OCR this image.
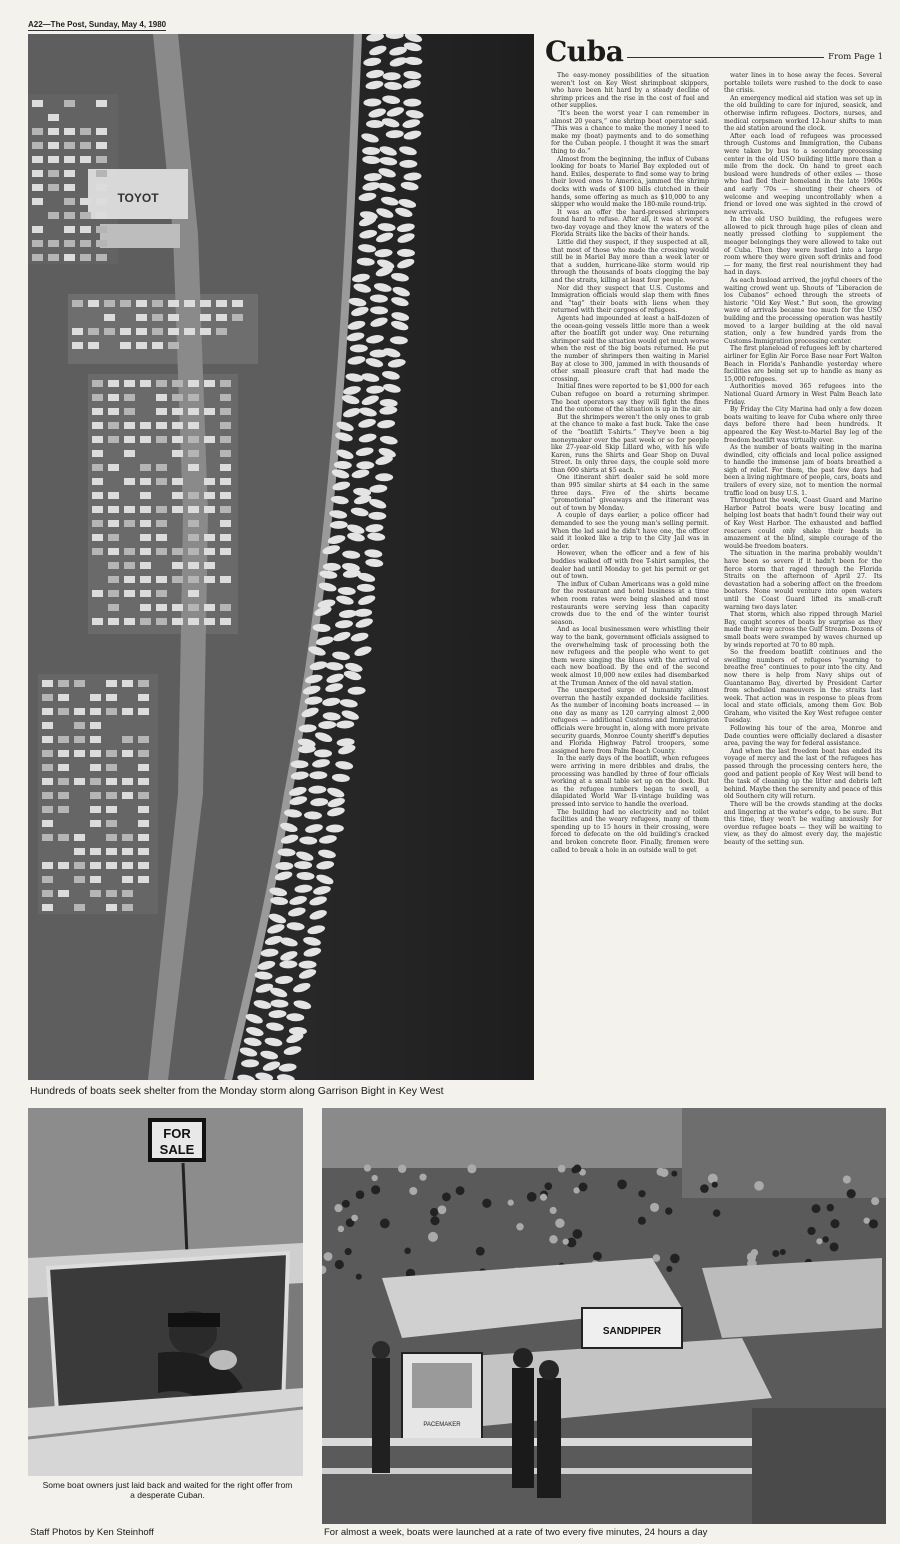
A22—The Post, Sunday, May 4, 1980
TOYOT
Hundreds of boats seek shelter from the Monday storm along Garrison Bight in Key West
Cuba	From Page 1

The easy-money possibilities of the situation weren't lost on Key West shrimpboat skippers, who have been hit hard by a steady decline of shrimp prices and the rise in the cost of fuel and other supplies.

“It's been the worst year I can remember in almost 20 years,” one shrimp boat operator said. “This was a chance to make the money I need to make my (boat) payments and to do something for the Cuban people. I thought it was the smart thing to do.”

Almost from the beginning, the influx of Cubans looking for boats to Mariel Bay exploded out of hand. Exiles, desperate to find some way to bring their loved ones to America, jammed the shrimp docks with wads of $100 bills clutched in their hands, some offering as much as $10,000 to any skipper who would make the 180-mile round-trip.

It was an offer the hard-pressed shrimpers found hard to refuse. After all, it was at worst a two-day voyage and they know the waters of the Florida Straits like the backs of their hands.

Little did they suspect, if they suspected at all, that most of those who made the crossing would still be in Mariel Bay more than a week later or that a sudden, hurricane-like storm would rip through the thousands of boats clogging the bay and the straits, killing at least four people.

Nor did they suspect that U.S. Customs and Immigration officials would slap them with fines and “tag” their boats with liens when they returned with their cargoes of refugees.

Agents had impounded at least a half-dozen of the ocean-going vessels little more than a week after the boatlift got under way. One returning shrimper said the situation would get much worse when the rest of the big boats returned. He put the number of shrimpers then waiting in Mariel Bay at close to 300, jammed in with thousands of other small pleasure craft that had made the crossing.

Initial fines were reported to be $1,000 for each Cuban refugee on board a returning shrimper. The boat operators say they will fight the fines and the outcome of the situation is up in the air.

But the shrimpers weren't the only ones to grab at the chance to make a fast buck. Take the case of the “boatlift T-shirts.” They've been a big moneymaker over the past week or so for people like 27-year-old Skip Lillard who, with his wife Karen, runs the Shirts and Gear Shop on Duval Street. In only three days, the couple sold more than 600 shirts at $5 each.

One itinerant shirt dealer said he sold more than 995 similar shirts at $4 each in the same three days. Five of the shirts became “promotional” giveaways and the itinerant was out of town by Monday.

A couple of days earlier, a police officer had demanded to see the young man's selling permit. When the lad said he didn't have one, the officer said it looked like a trip to the City Jail was in order.

However, when the officer and a few of his buddies walked off with free T-shirt samples, the dealer had until Monday to get his permit or get out of town.

The influx of Cuban Americans was a gold mine for the restaurant and hotel business at a time when room rates were being slashed and most restaurants were serving less than capacity crowds due to the end of the winter tourist season.

And as local businessmen were whistling their way to the bank, government officials assigned to the overwhelming task of processing both the new refugees and the people who went to get them were singing the blues with the arrival of each new boatload. By the end of the second week almost 10,000 new exiles had disembarked at the Truman Annex of the old naval station.

The unexpected surge of humanity almost overran the hastily expanded dockside facilities. As the number of incoming boats increased — in one day as many as 120 carrying almost 2,000 refugees — additional Customs and Immigration officials were brought in, along with more private security guards, Monroe County sheriff's deputies and Florida Highway Patrol troopers, some assigned here from Palm Beach County.

In the early days of the boatlift, when refugees were arriving in mere dribbles and drabs, the processing was handled by three of four officials working at a small table set up on the dock. But as the refugee numbers began to swell, a dilapidated World War II-vintage building was pressed into service to handle the overload.

The building had no electricity and no toilet facilities and the weary refugees, many of them spending up to 15 hours in their crossing, were forced to defecate on the old building's cracked and broken concrete floor. Finally, firemen were called to break a hole in an outside wall to get

water lines in to hose away the feces. Several portable toilets were rushed to the dock to ease the crisis.

An emergency medical aid station was set up in the old building to care for injured, seasick, and otherwise infirm refugees. Doctors, nurses, and medical corpsmen worked 12-hour shifts to man the aid station around the clock.

After each load of refugees was processed through Customs and Immigration, the Cubans were taken by bus to a secondary processing center in the old USO building little more than a mile from the dock. On hand to greet each busload were hundreds of other exiles — those who had fled their homeland in the late 1960s and early '70s — shouting their cheers of welcome and weeping uncontrollably when a friend or loved one was sighted in the crowd of new arrivals.

In the old USO building, the refugees were allowed to pick through huge piles of clean and neatly pressed clothing to supplement the meager belongings they were allowed to take out of Cuba. Then they were hustled into a large room where they were given soft drinks and food — for many, the first real nourishment they had had in days.

As each busload arrived, the joyful cheers of the waiting crowd went up. Shouts of “Liberacion de los Cubanos” echoed through the streets of historic “Old Key West.” But soon, the growing wave of arrivals became too much for the USO building and the processing operation was hastily moved to a larger building at the old naval station, only a few hundred yards from the Customs-Immigration processing center.

The first planeload of refugees left by chartered airliner for Eglin Air Force Base near Fort Walton Beach in Florida's Panhandle yesterday where facilities are being set up to handle as many as 15,000 refugees.

Authorities moved 365 refugees into the National Guard Armory in West Palm Beach late Friday.

By Friday the City Marina had only a few dozen boats waiting to leave for Cuba where only three days before there had been hundreds. It appeared the Key West-to-Mariel Bay leg of the freedom boatlift was virtually over.

As the number of boats waiting in the marina dwindled, city officials and local police assigned to handle the immense jam of boats breathed a sigh of relief. For them, the past few days had been a living nightmare of people, cars, boats and trailers of every size, not to mention the normal traffic load on busy U.S. 1.

Throughout the week, Coast Guard and Marine Harbor Patrol boats were busy locating and helping lost boats that hadn't found their way out of Key West Harbor. The exhausted and baffled rescuers could only shake their heads in amazement at the blind, simple courage of the would-be freedom boaters.

The situation in the marina probably wouldn't have been so severe if it hadn't been for the fierce storm that raged through the Florida Straits on the afternoon of April 27. Its devastation had a sobering affect on the freedom boaters. None would venture into open waters until the Coast Guard lifted its small-craft warning two days later.

That storm, which also ripped through Mariel Bay, caught scores of boats by surprise as they made their way across the Gulf Stream. Dozens of small boats were swamped by waves churned up by winds reported at 70 to 80 mph.

So the freedom boatlift continues and the swelling numbers of refugees “yearning to breathe free” continues to pour into the city. And now there is help from Navy ships out of Guantanamo Bay, diverted by President Carter from scheduled maneuvers in the straits last week. That action was in response to pleas from local and state officials, among them Gov. Bob Graham, who visited the Key West refugee center Tuesday.

Following his tour of the area, Monroe and Dade counties were officially declared a disaster area, paving the way for federal assistance.

And when the last freedom boat has ended its voyage of mercy and the last of the refugees has passed through the processing centers here, the good and patient people of Key West will bend to the task of cleaning up the litter and debris left behind. Maybe then the serenity and peace of this old Southern city will return.

There will be the crowds standing at the docks and lingering at the water's edge, to be sure. But this time, they won't be waiting anxiously for overdue refugee boats — they will be waiting to view, as they do almost every day, the majestic beauty of the setting sun.

FOR
SALE
Some boat owners just laid back and waited for the right offer from a desperate Cuban.
Staff Photos by Ken Steinhoff
PACEMAKER
SANDPIPER
For almost a week, boats were launched at a rate of two every five minutes, 24 hours a day
